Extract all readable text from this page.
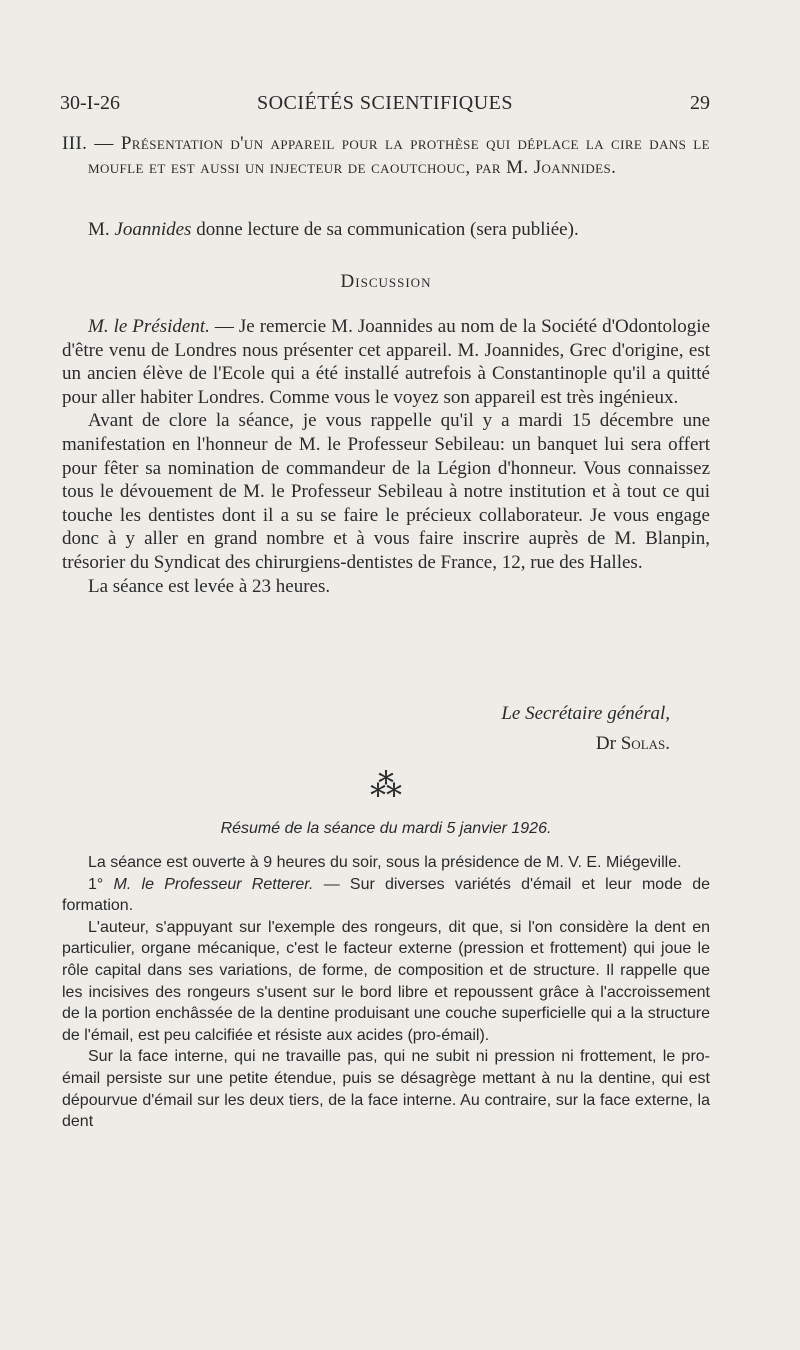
30-I-26	SOCIÉTÉS SCIENTIFIQUES	29

III. — Présentation d'un appareil pour la prothèse qui déplace la cire dans le moufle et est aussi un injecteur de caoutchouc, par M. Joannides.

M. Joannides donne lecture de sa communication (sera publiée).

Discussion

M. le Président. — Je remercie M. Joannides au nom de la Société d'Odontologie d'être venu de Londres nous présenter cet appareil. M. Joannides, Grec d'origine, est un ancien élève de l'Ecole qui a été installé autrefois à Constantinople qu'il a quitté pour aller habiter Londres. Comme vous le voyez son appareil est très ingénieux.

Avant de clore la séance, je vous rappelle qu'il y a mardi 15 décembre une manifestation en l'honneur de M. le Professeur Sebileau: un banquet lui sera offert pour fêter sa nomination de commandeur de la Légion d'honneur. Vous connaissez tous le dévouement de M. le Professeur Sebileau à notre institution et à tout ce qui touche les dentistes dont il a su se faire le précieux collaborateur. Je vous engage donc à y aller en grand nombre et à vous faire inscrire auprès de M. Blanpin, trésorier du Syndicat des chirurgiens-dentistes de France, 12, rue des Halles.

La séance est levée à 23 heures.

Le Secrétaire général,
Dr Solas.
⁂
Résumé de la séance du mardi 5 janvier 1926.

La séance est ouverte à 9 heures du soir, sous la présidence de M. V. E. Miégeville.

1° M. le Professeur Retterer. — Sur diverses variétés d'émail et leur mode de formation.

L'auteur, s'appuyant sur l'exemple des rongeurs, dit que, si l'on considère la dent en particulier, organe mécanique, c'est le facteur externe (pression et frottement) qui joue le rôle capital dans ses variations, de forme, de composition et de structure. Il rappelle que les incisives des rongeurs s'usent sur le bord libre et repoussent grâce à l'accroissement de la portion enchâssée de la dentine produisant une couche superficielle qui a la structure de l'émail, est peu calcifiée et résiste aux acides (pro-émail).

Sur la face interne, qui ne travaille pas, qui ne subit ni pression ni frottement, le pro-émail persiste sur une petite étendue, puis se désagrège mettant à nu la dentine, qui est dépourvue d'émail sur les deux tiers, de la face interne. Au contraire, sur la face externe, la dent
